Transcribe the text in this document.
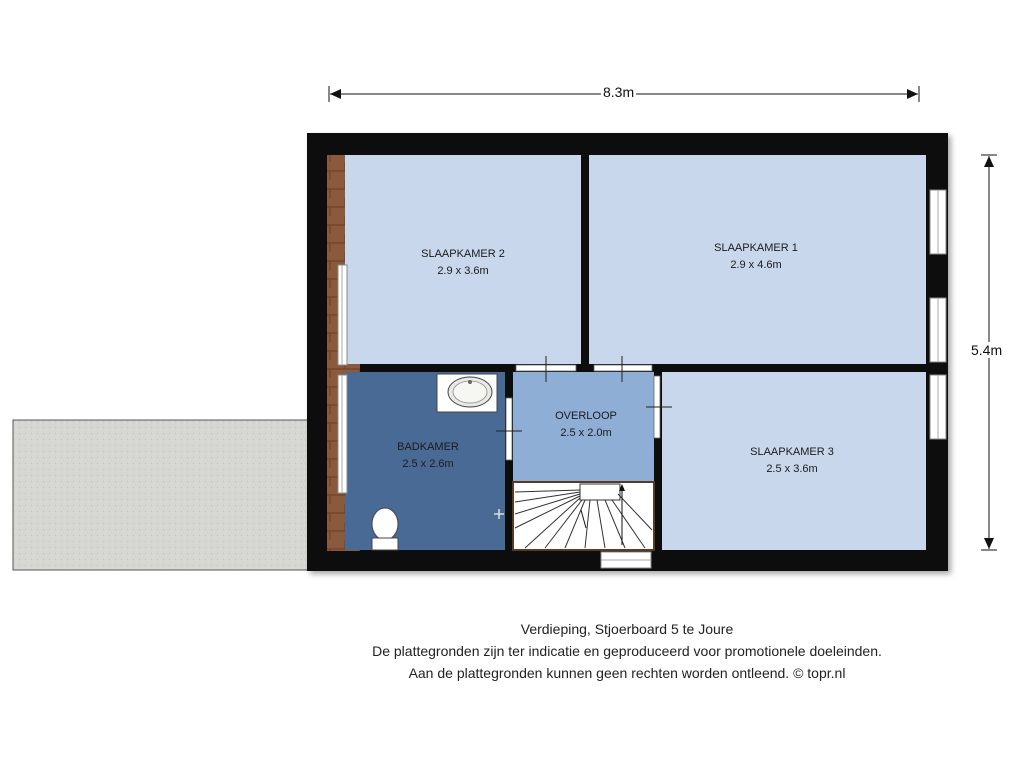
8.3m
5.4m
SLAAPKAMER 2
2.9 x 3.6m
SLAAPKAMER 1
2.9 x 4.6m
BADKAMER
2.5 x 2.6m
OVERLOOP
2.5 x 2.0m
SLAAPKAMER 3
2.5 x 3.6m
Verdieping, Stjoerboard 5 te Joure
De plattegronden zijn ter indicatie en geproduceerd voor promotionele doeleinden.
Aan de plattegronden kunnen geen rechten worden ontleend. © topr.nl
